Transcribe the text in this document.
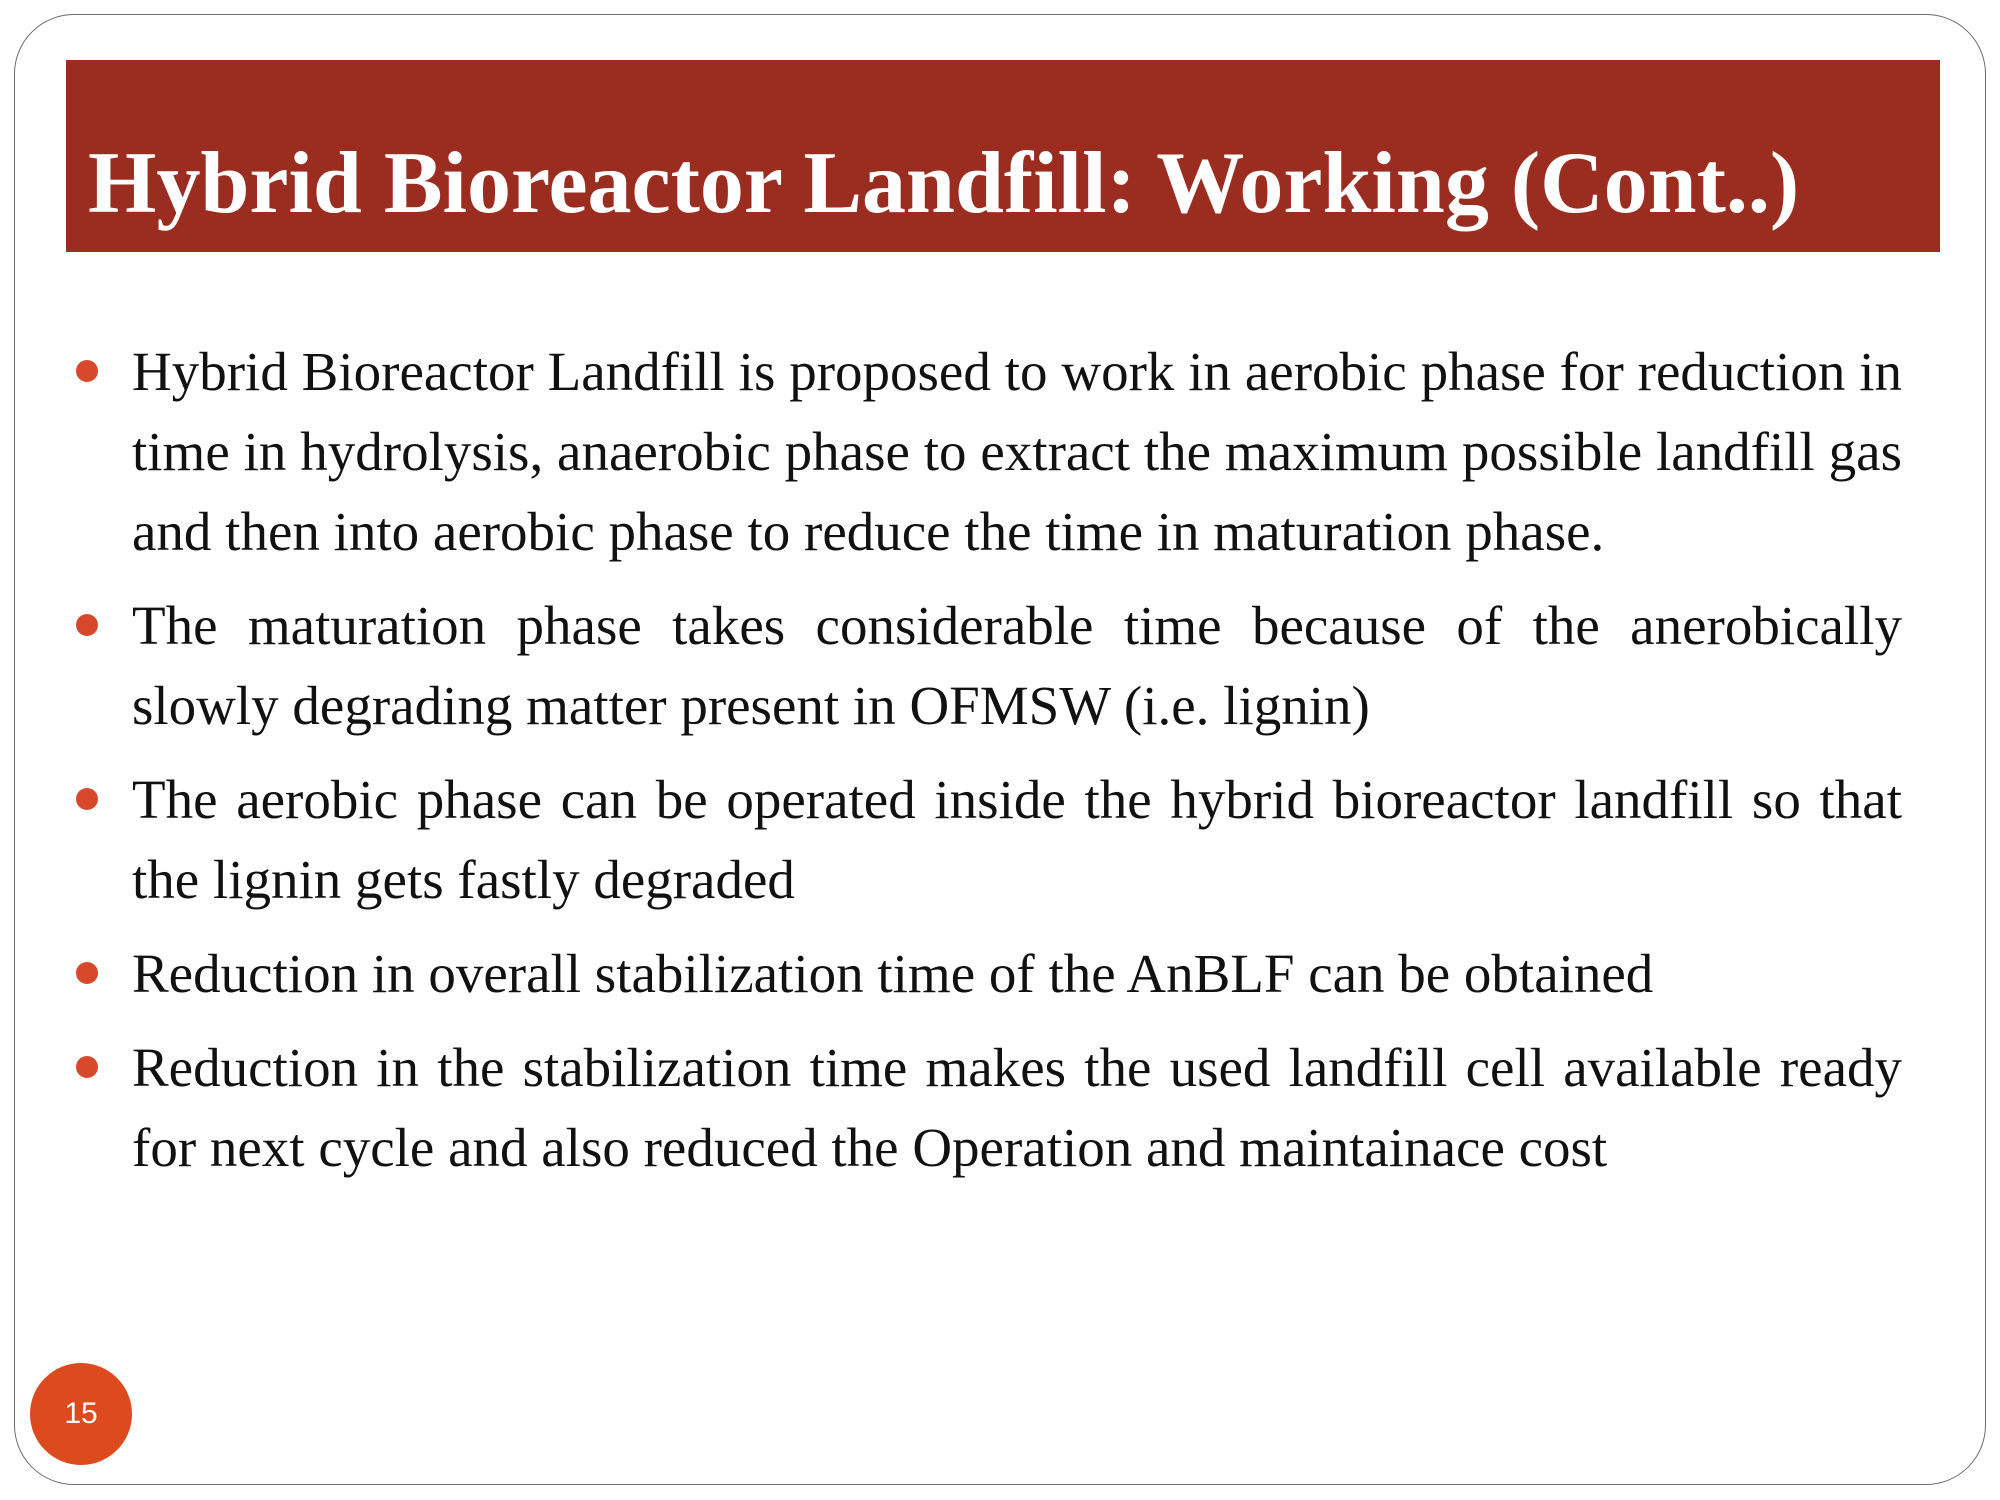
Hybrid Bioreactor Landfill: Working (Cont..)
Hybrid Bioreactor Landfill is proposed to work in aerobic phase for reduction in time in hydrolysis, anaerobic phase to extract the maximum possible landfill gas and then into aerobic phase to reduce the time in maturation phase.
The maturation phase takes considerable time because of the anerobically slowly degrading matter present in OFMSW (i.e. lignin)
The aerobic phase can be operated inside the hybrid bioreactor landfill so that the lignin gets fastly degraded
Reduction in overall stabilization time of the AnBLF can be obtained
Reduction in the stabilization time makes the used landfill cell available ready for next cycle and also reduced the Operation and maintainace cost
15
